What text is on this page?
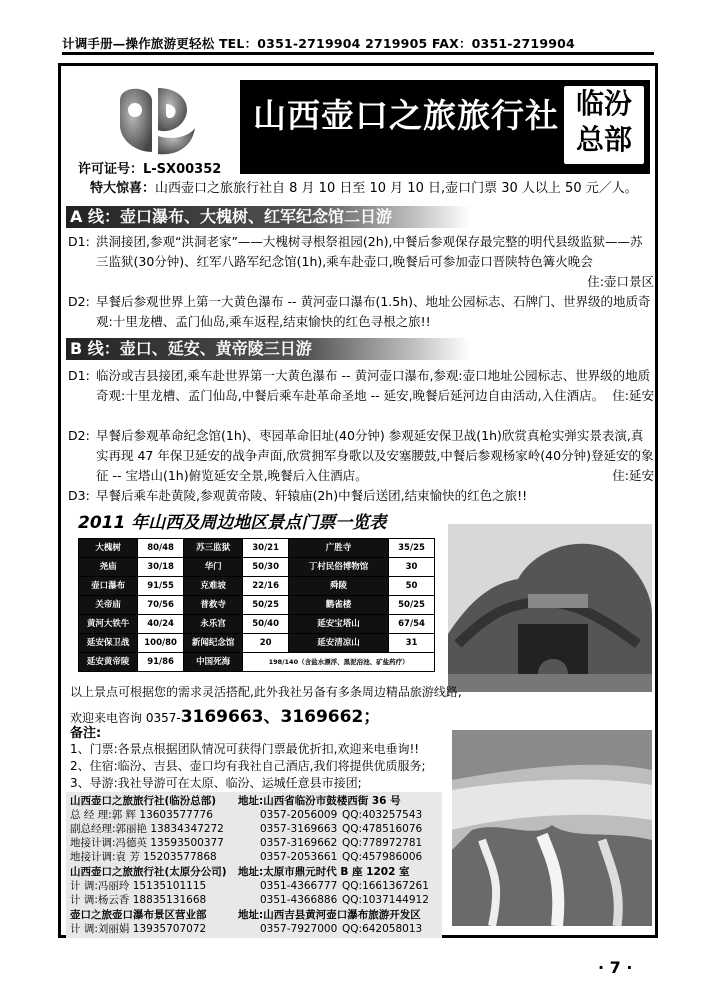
计调手册—操作旅游更轻松 TEL：0351-2719904 2719905 FAX：0351-2719904
山西壶口之旅旅行社 临汾
总部
许可证号：L-SX00352
特大惊喜：山西壶口之旅旅行社自 8 月 10 日至 10 月 10 日,壶口门票 30 人以上 50 元／人。
A 线：壶口瀑布、大槐树、红军纪念馆二日游
D1: 洪洞接团,参观“洪洞老家”——大槐树寻根祭祖园(2h),中餐后参观保存最完整的明代县级监狱——苏三监狱(30分钟)、红军八路军纪念馆(1h),乘车赴壶口,晚餐后可参加壶口晋陕特色篝火晚会
住:壶口景区
D2: 早餐后参观世界上第一大黄色瀑布 -- 黄河壶口瀑布(1.5h)、地址公园标志、石牌门、世界级的地质奇观:十里龙槽、孟门仙岛,乘车返程,结束愉快的红色寻根之旅!!
B 线：壶口、延安、黄帝陵三日游
D1: 临汾或吉县接团,乘车赴世界第一大黄色瀑布 -- 黄河壶口瀑布,参观:壶口地址公园标志、世界级的地质奇观:十里龙槽、孟门仙岛,中餐后乘车赴革命圣地 -- 延安,晚餐后延河边自由活动,入住酒店。 住:延安
D2: 早餐后参观革命纪念馆(1h)、枣园革命旧址(40分钟) 参观延安保卫战(1h)欣赏真枪实弹实景表演,真实再现 47 年保卫延安的战争声面,欣赏拥军身歌以及安塞腰鼓,中餐后参观杨家岭(40分钟)登延安的象征 -- 宝塔山(1h)俯览延安全景,晚餐后入住酒店。	住:延安
D3: 早餐后乘车赴黄陵,参观黄帝陵、轩辕庙(2h)中餐后送团,结束愉快的红色之旅!!
2011 年山西及周边地区景点门票一览表
大槐树	80/48	苏三监狱	30/21	广胜寺	35/25
尧庙	30/18	华门	50/30	丁村民俗博物馆	30
壶口瀑布	91/55	克难坡	22/16	舜陵	50
关帝庙	70/56	普救寺	50/25	鹳雀楼	50/25
黄河大铁牛	40/24	永乐宫	50/40	延安宝塔山	67/54
延安保卫战	100/80	新闻纪念馆	20	延安清凉山	31
延安黄帝陵	91/86	中国死海	198/140（含盐水漂浮、黑泥浴池、矿盐药疗）		
以上景点可根据您的需求灵活搭配,此外我社另备有多条周边精品旅游线路,
欢迎来电咨询 0357-3169663、3169662；
备注:
1、门票:各景点根据团队情况可获得门票最优折扣,欢迎来电垂询!!
2、住宿:临汾、吉县、壶口均有我社自己酒店,我们将提供优质服务;
3、导游:我社导游可在太原、临汾、运城任意县市接团;
山西壶口之旅旅行社(临汾总部) 地址:山西省临汾市鼓楼西街 36 号
总 经 理:郭 辉 13603577776	0357-2056009 QQ:403257543
副总经理:郭丽艳 13834347272	0357-3169663 QQ:478516076
地接计调:冯德英 13593500377	0357-3169662 QQ:778972781
地接计调:袁 芳 15203577868	0357-2053661 QQ:457986006
山西壶口之旅旅行社(太原分公司) 地址:太原市鼎元时代 B 座 1202 室
计 调:冯丽玲 15135101115	0351-4366777 QQ:1661367261
计 调:杨云香 18835131668	0351-4366886 QQ:1037144912
壶口之旅壶口瀑布景区营业部	地址:山西吉县黄河壶口瀑布旅游开发区
计 调:刘丽娟 13935707072	0357-7927000 QQ:642058013
· 7 ·
